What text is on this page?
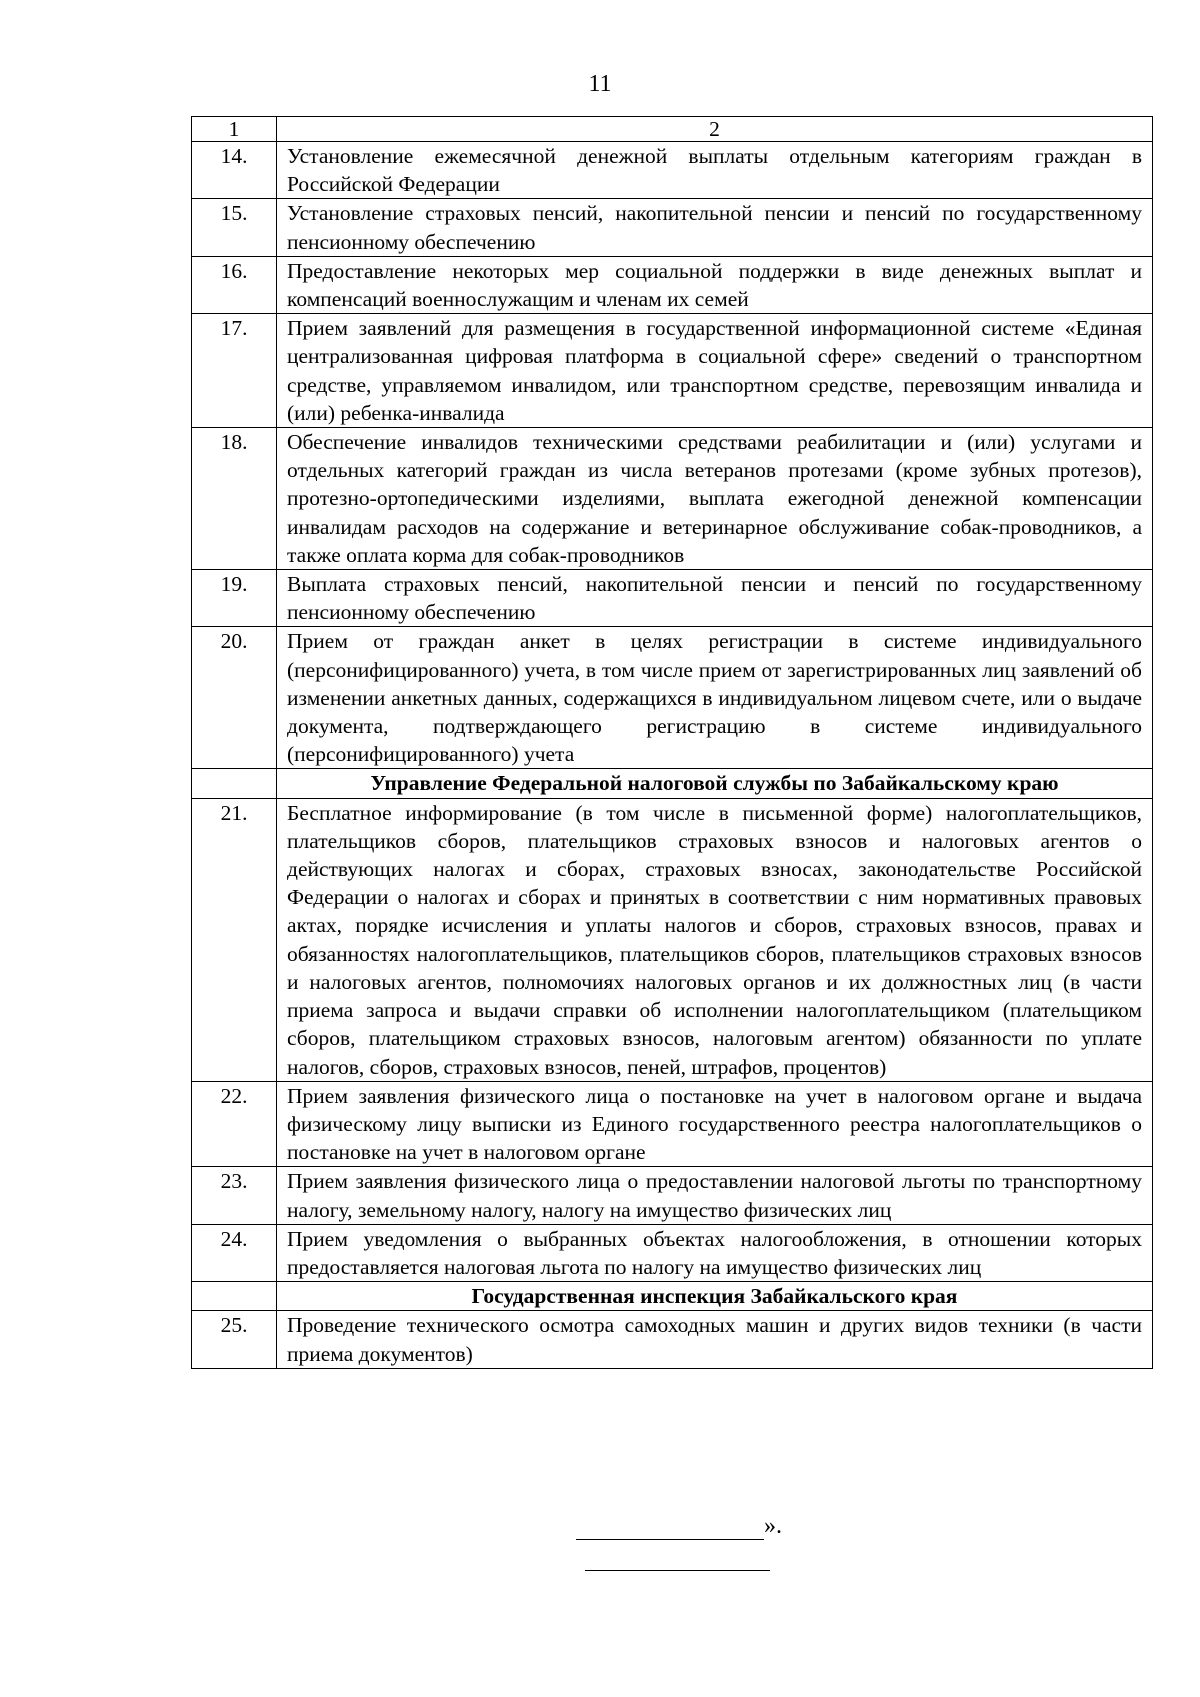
11
1	2
14.	Установление ежемесячной денежной выплаты отдельным категориям граждан в Российской Федерации
15.	Установление страховых пенсий, накопительной пенсии и пенсий по государственному пенсионному обеспечению
16.	Предоставление некоторых мер социальной поддержки в виде денежных выплат и компенсаций военнослужащим и членам их семей
17.	Прием заявлений для размещения в государственной информационной системе «Единая централизованная цифровая платформа в социальной сфере» сведений о транспортном средстве, управляемом инвалидом, или транспортном средстве, перевозящим инвалида и (или) ребенка-инвалида
18.	Обеспечение инвалидов техническими средствами реабилитации и (или) услугами и отдельных категорий граждан из числа ветеранов протезами (кроме зубных протезов), протезно-ортопедическими изделиями, выплата ежегодной денежной компенсации инвалидам расходов на содержание и ветеринарное обслуживание собак-проводников, а также оплата корма для собак-проводников
19.	Выплата страховых пенсий, накопительной пенсии и пенсий по государственному пенсионному обеспечению
20.	Прием от граждан анкет в целях регистрации в системе индивидуального (персонифицированного) учета, в том числе прием от зарегистрированных лиц заявлений об изменении анкетных данных, содержащихся в индивидуальном лицевом счете, или о выдаче документа, подтверждающего регистрацию в системе индивидуального (персонифицированного) учета
	Управление Федеральной налоговой службы по Забайкальскому краю
21.	Бесплатное информирование (в том числе в письменной форме) налогоплательщиков, плательщиков сборов, плательщиков страховых взносов и налоговых агентов о действующих налогах и сборах, страховых взносах, законодательстве Российской Федерации о налогах и сборах и принятых в соответствии с ним нормативных правовых актах, порядке исчисления и уплаты налогов и сборов, страховых взносов, правах и обязанностях налогоплательщиков, плательщиков сборов, плательщиков страховых взносов и налоговых агентов, полномочиях налоговых органов и их должностных лиц (в части приема запроса и выдачи справки об исполнении налогоплательщиком (плательщиком сборов, плательщиком страховых взносов, налоговым агентом) обязанности по уплате налогов, сборов, страховых взносов, пеней, штрафов, процентов)
22.	Прием заявления физического лица о постановке на учет в налоговом органе и выдача физическому лицу выписки из Единого государственного реестра налогоплательщиков о постановке на учет в налоговом органе
23.	Прием заявления физического лица о предоставлении налоговой льготы по транспортному налогу, земельному налогу, налогу на имущество физических лиц
24.	Прием уведомления о выбранных объектах налогообложения, в отношении которых предоставляется налоговая льгота по налогу на имущество физических лиц
	Государственная инспекция Забайкальского края
25.	Проведение технического осмотра самоходных машин и других видов техники (в части приема документов)
».
